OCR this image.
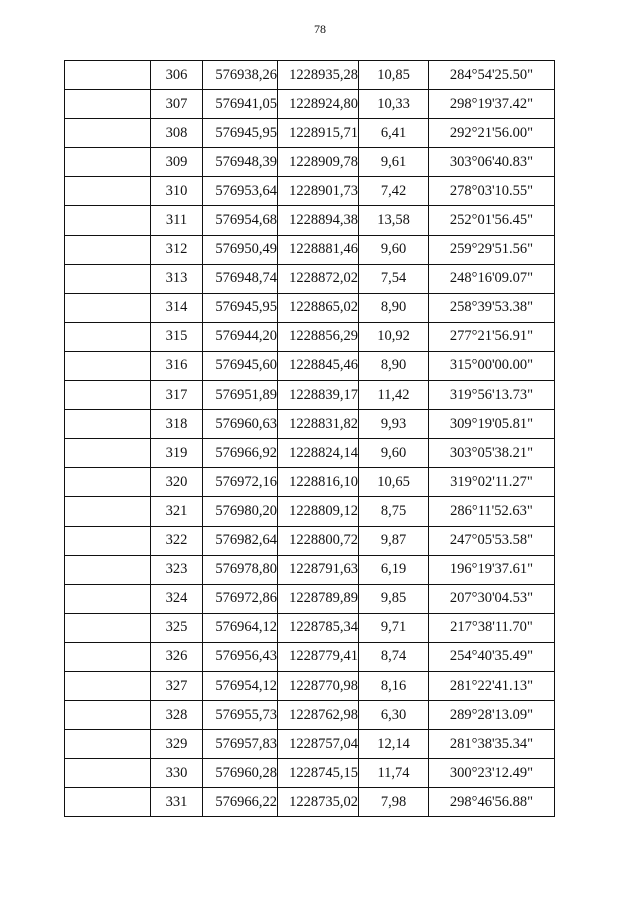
78
	306	576938,26	1228935,28	10,85	284°54'25.50"
	307	576941,05	1228924,80	10,33	298°19'37.42"
	308	576945,95	1228915,71	6,41	292°21'56.00"
	309	576948,39	1228909,78	9,61	303°06'40.83"
	310	576953,64	1228901,73	7,42	278°03'10.55"
	311	576954,68	1228894,38	13,58	252°01'56.45"
	312	576950,49	1228881,46	9,60	259°29'51.56"
	313	576948,74	1228872,02	7,54	248°16'09.07"
	314	576945,95	1228865,02	8,90	258°39'53.38"
	315	576944,20	1228856,29	10,92	277°21'56.91"
	316	576945,60	1228845,46	8,90	315°00'00.00"
	317	576951,89	1228839,17	11,42	319°56'13.73"
	318	576960,63	1228831,82	9,93	309°19'05.81"
	319	576966,92	1228824,14	9,60	303°05'38.21"
	320	576972,16	1228816,10	10,65	319°02'11.27"
	321	576980,20	1228809,12	8,75	286°11'52.63"
	322	576982,64	1228800,72	9,87	247°05'53.58"
	323	576978,80	1228791,63	6,19	196°19'37.61"
	324	576972,86	1228789,89	9,85	207°30'04.53"
	325	576964,12	1228785,34	9,71	217°38'11.70"
	326	576956,43	1228779,41	8,74	254°40'35.49"
	327	576954,12	1228770,98	8,16	281°22'41.13"
	328	576955,73	1228762,98	6,30	289°28'13.09"
	329	576957,83	1228757,04	12,14	281°38'35.34"
	330	576960,28	1228745,15	11,74	300°23'12.49"
	331	576966,22	1228735,02	7,98	298°46'56.88"
